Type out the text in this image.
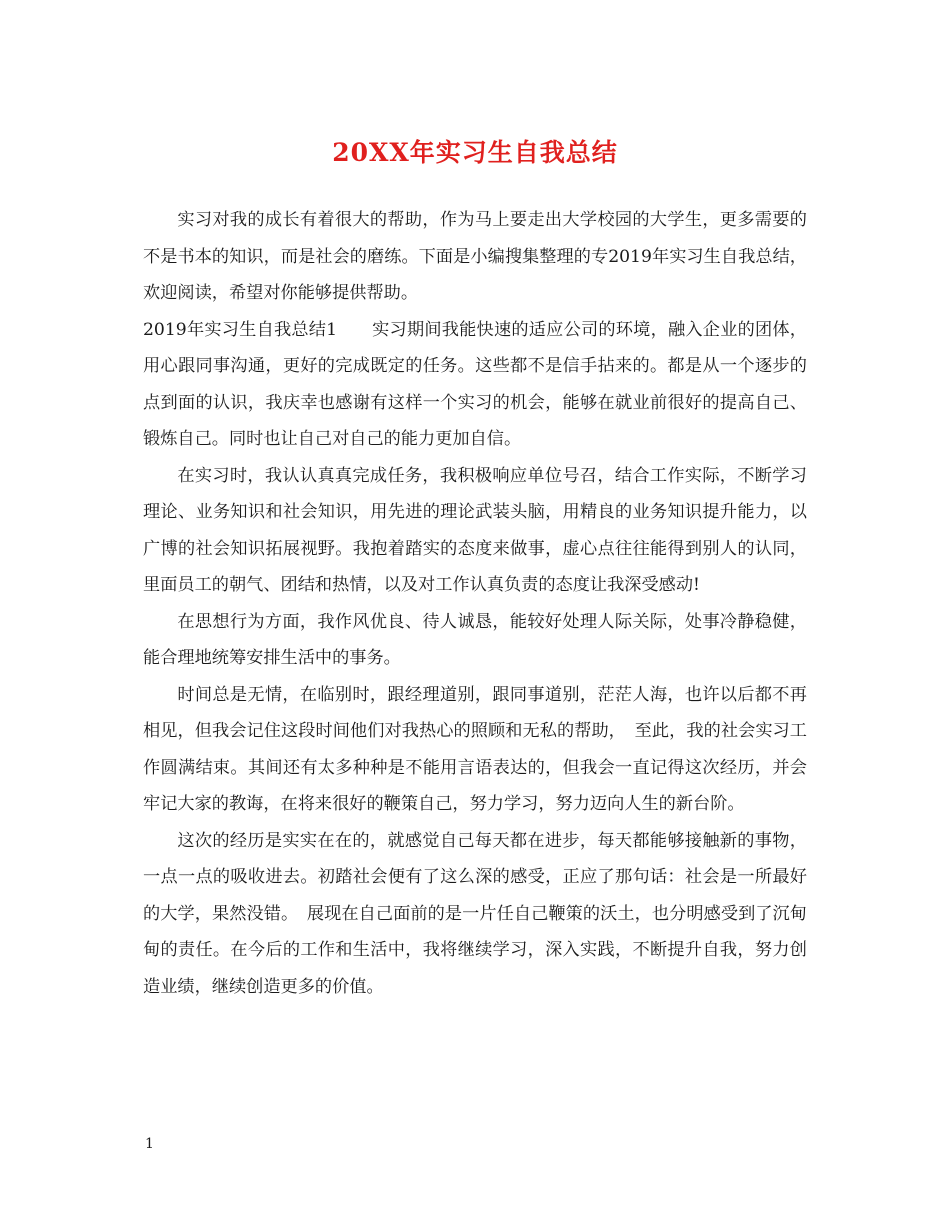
20XX年实习生自我总结

实习对我的成长有着很大的帮助，作为马上要走出大学校园的大学生，更多需要的不是书本的知识，而是社会的磨练。下面是小编搜集整理的专2019年实习生自我总结，欢迎阅读，希望对你能够提供帮助。

2019年实习生自我总结1　　实习期间我能快速的适应公司的环境，融入企业的团体，用心跟同事沟通，更好的完成既定的任务。这些都不是信手拈来的。都是从一个逐步的点到面的认识，我庆幸也感谢有这样一个实习的机会，能够在就业前很好的提高自己、锻炼自己。同时也让自己对自己的能力更加自信。

在实习时，我认认真真完成任务，我积极响应单位号召，结合工作实际，不断学习理论、业务知识和社会知识，用先进的理论武装头脑，用精良的业务知识提升能力，以广博的社会知识拓展视野。我抱着踏实的态度来做事，虚心点往往能得到别人的认同，里面员工的朝气、团结和热情，以及对工作认真负责的态度让我深受感动!

在思想行为方面，我作风优良、待人诚恳，能较好处理人际关际，处事冷静稳健，能合理地统筹安排生活中的事务。

时间总是无情，在临别时，跟经理道别，跟同事道别，茫茫人海，也许以后都不再相见，但我会记住这段时间他们对我热心的照顾和无私的帮助，　至此，我的社会实习工作圆满结束。其间还有太多种种是不能用言语表达的，但我会一直记得这次经历，并会牢记大家的教诲，在将来很好的鞭策自己，努力学习，努力迈向人生的新台阶。

这次的经历是实实在在的，就感觉自己每天都在进步，每天都能够接触新的事物，一点一点的吸收进去。初踏社会便有了这么深的感受，正应了那句话：社会是一所最好的大学，果然没错。　展现在自己面前的是一片任自己鞭策的沃土，也分明感受到了沉甸甸的责任。在今后的工作和生活中，我将继续学习，深入实践，不断提升自我，努力创造业绩，继续创造更多的价值。

1
